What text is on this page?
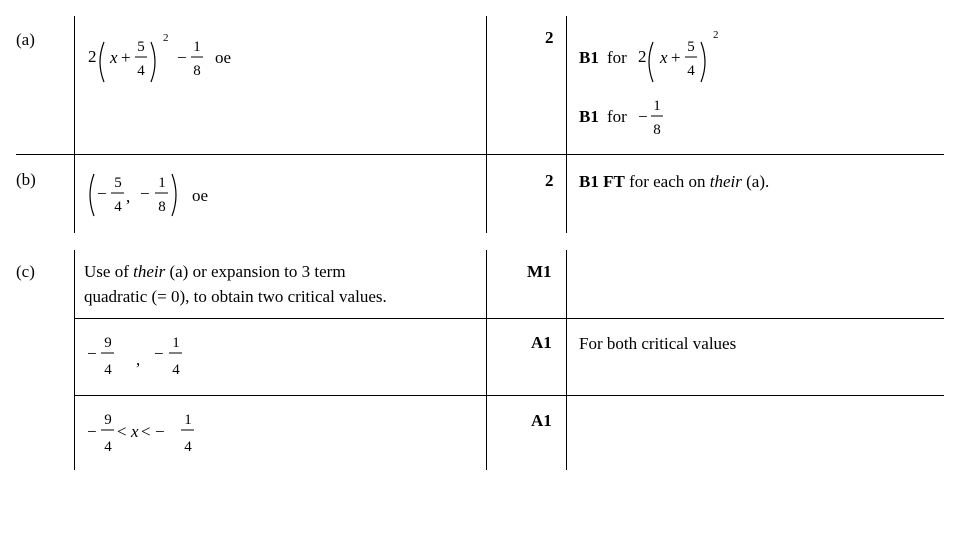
(a)
2 x +
5
4
2
−
1
8
oe
2
B1 for 2 x +
5
4
2
B1 for −
1
8
(b)
−
5
4
, −
1
8
oe
2 B1 FT for each on their (a).
(c)	Use of their (a) or expansion to 3 term
quadratic (= 0), to obtain two critical values.
M1
−
9
4
, −
1
4
A1 For both critical values
−
9
4
< x < −
1
4
A1
